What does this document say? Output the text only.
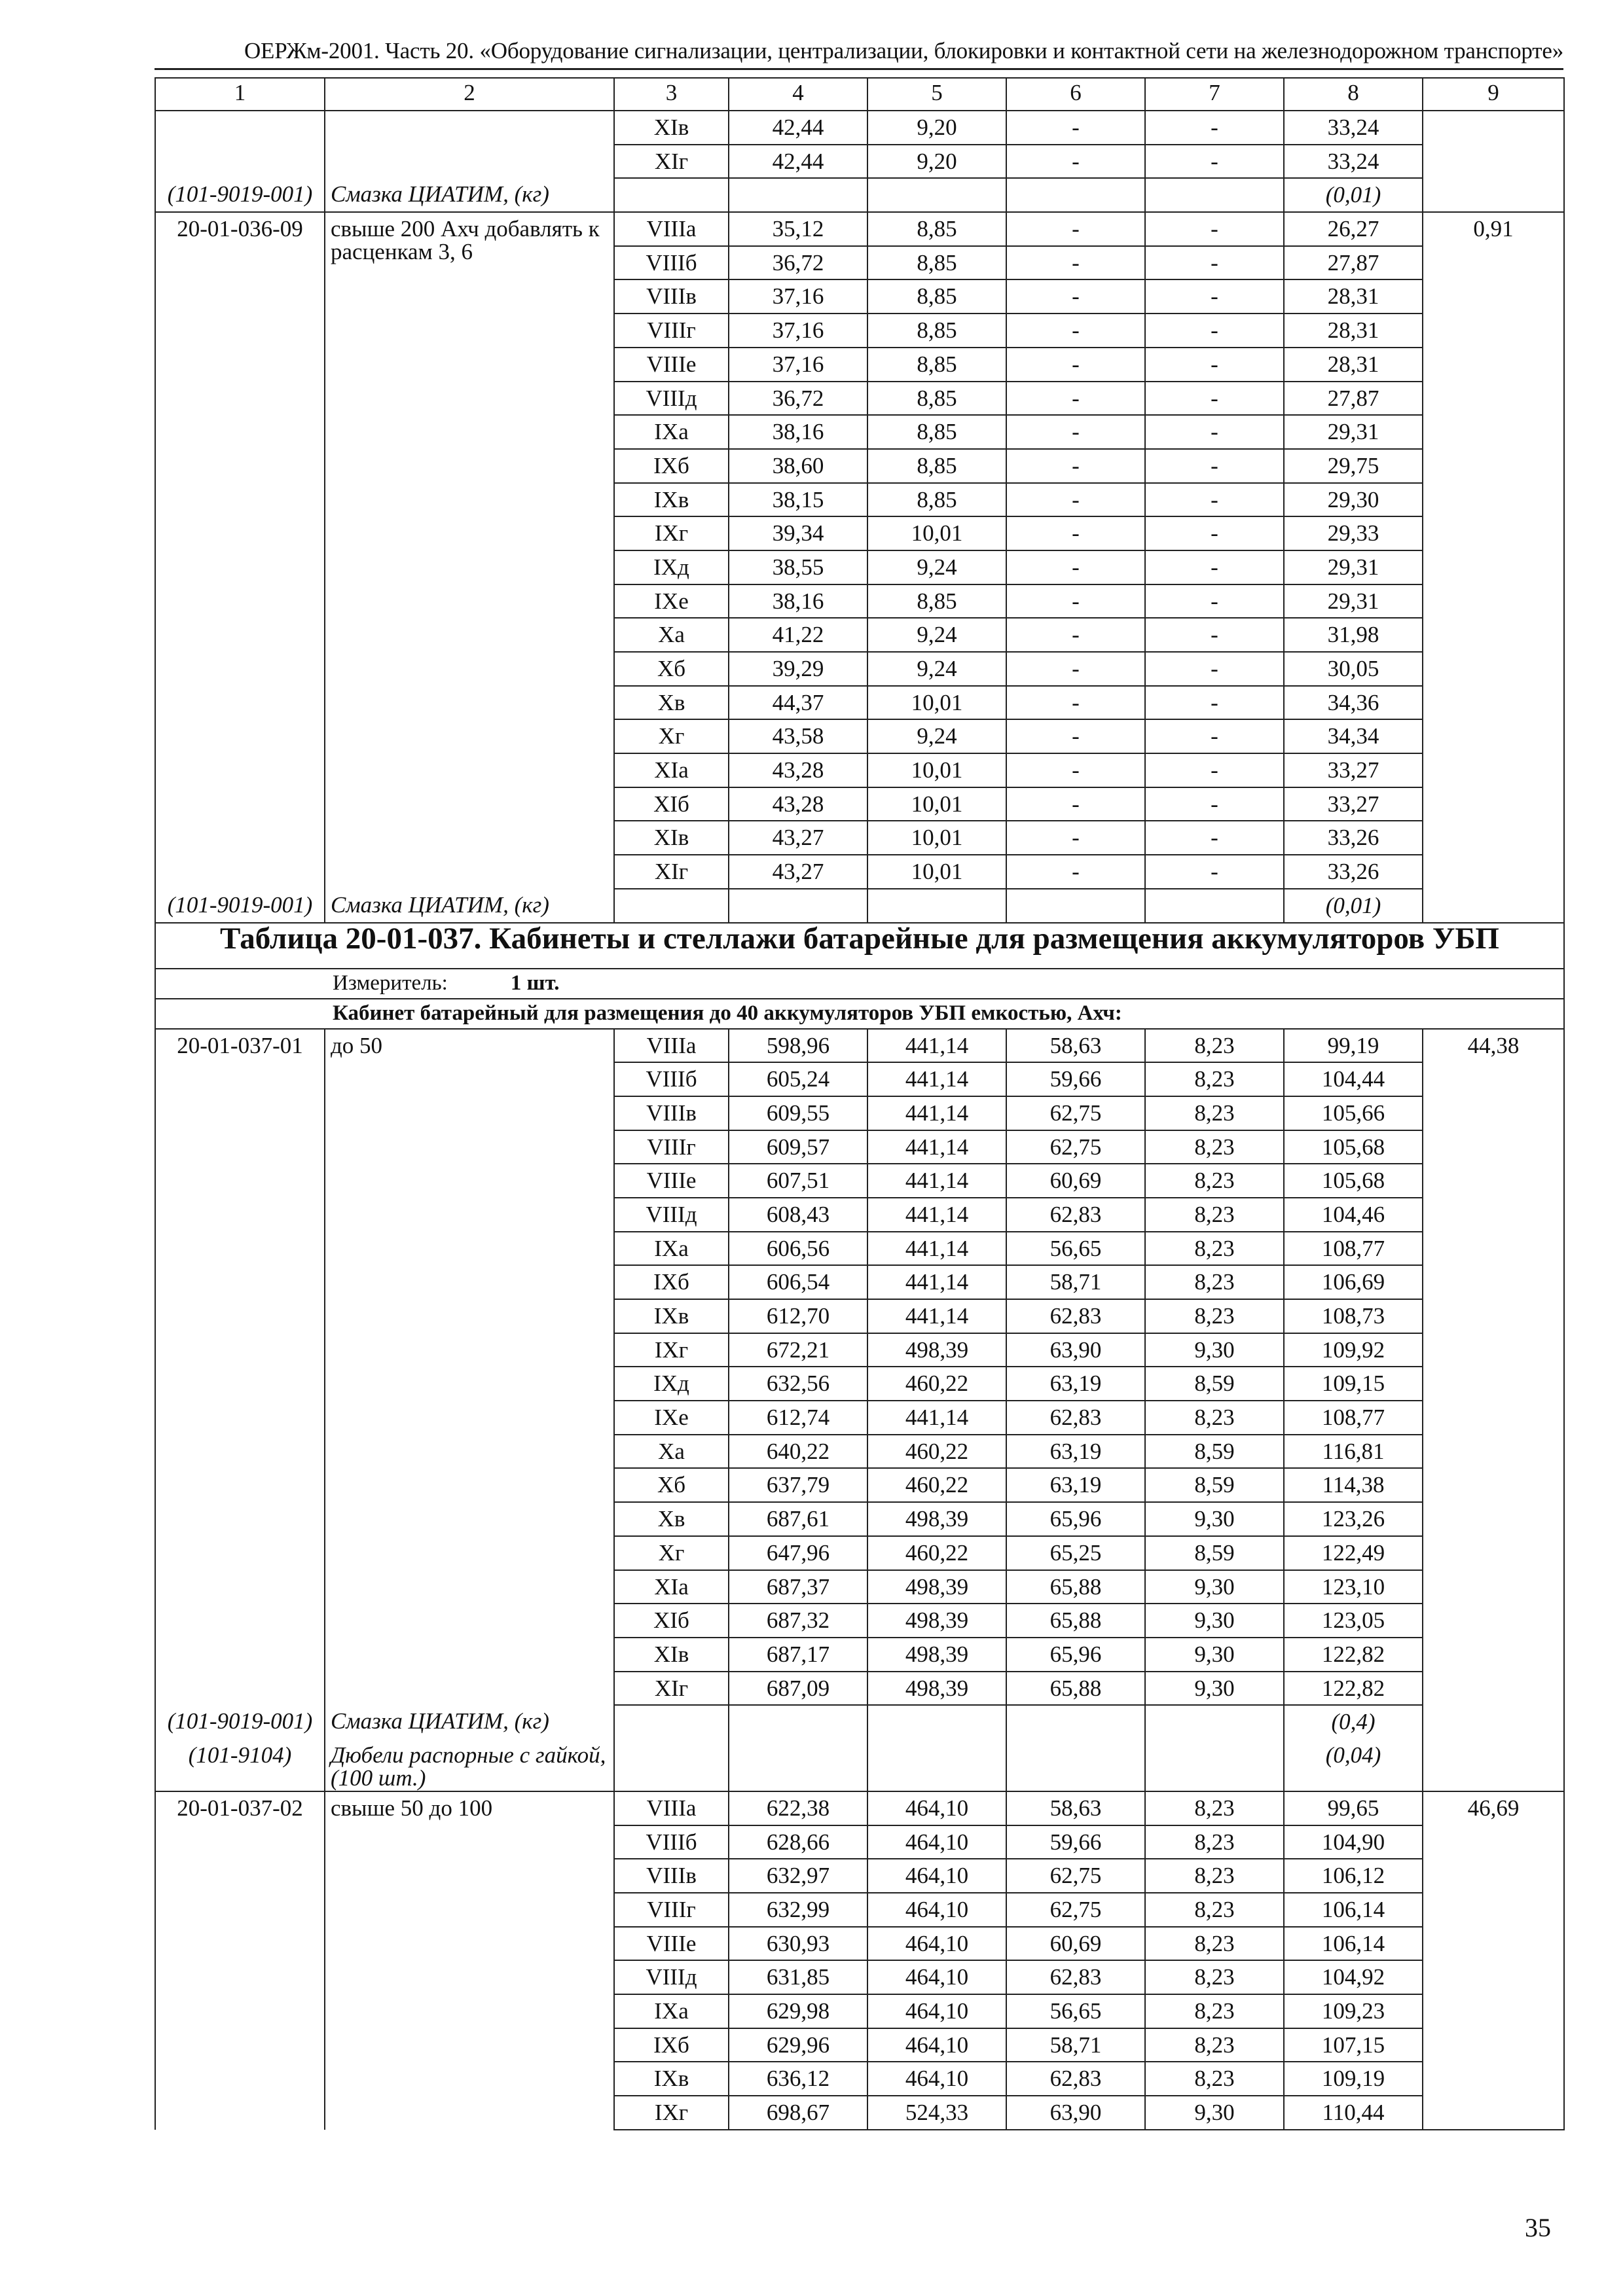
ОЕРЖм-2001. Часть 20. «Оборудование сигнализации, централизации, блокировки и контактной сети на железнодорожном транспорте»
1	2	3	4	5	6	7	8	9
		XIв	42,44	9,20	-	-	33,24	
		XIг	42,44	9,20	-	-	33,24	
(101-9019-001)	Смазка ЦИАТИМ, (кг)						(0,01)	
20-01-036-09	свыше 200 Ахч добавлять к расценкам 3, 6	VIIIа	35,12	8,85	-	-	26,27	0,91
		VIIIб	36,72	8,85	-	-	27,87	
		VIIIв	37,16	8,85	-	-	28,31	
		VIIIг	37,16	8,85	-	-	28,31	
		VIIIе	37,16	8,85	-	-	28,31	
		VIIIд	36,72	8,85	-	-	27,87	
		IXа	38,16	8,85	-	-	29,31	
		IXб	38,60	8,85	-	-	29,75	
		IXв	38,15	8,85	-	-	29,30	
		IXг	39,34	10,01	-	-	29,33	
		IXд	38,55	9,24	-	-	29,31	
		IXе	38,16	8,85	-	-	29,31	
		Xа	41,22	9,24	-	-	31,98	
		Xб	39,29	9,24	-	-	30,05	
		Xв	44,37	10,01	-	-	34,36	
		Xг	43,58	9,24	-	-	34,34	
		XIа	43,28	10,01	-	-	33,27	
		XIб	43,28	10,01	-	-	33,27	
		XIв	43,27	10,01	-	-	33,26	
		XIг	43,27	10,01	-	-	33,26	
(101-9019-001)	Смазка ЦИАТИМ, (кг)						(0,01)	
Таблица 20-01-037. Кабинеты и стеллажи батарейные для размещения аккумуляторов УБП								
Измеритель: 1 шт.								
Кабинет батарейный для размещения до 40 аккумуляторов УБП емкостью, Ахч:								
20-01-037-01	до 50	VIIIа	598,96	441,14	58,63	8,23	99,19	44,38
		VIIIб	605,24	441,14	59,66	8,23	104,44	
		VIIIв	609,55	441,14	62,75	8,23	105,66	
		VIIIг	609,57	441,14	62,75	8,23	105,68	
		VIIIе	607,51	441,14	60,69	8,23	105,68	
		VIIIд	608,43	441,14	62,83	8,23	104,46	
		IXа	606,56	441,14	56,65	8,23	108,77	
		IXб	606,54	441,14	58,71	8,23	106,69	
		IXв	612,70	441,14	62,83	8,23	108,73	
		IXг	672,21	498,39	63,90	9,30	109,92	
		IXд	632,56	460,22	63,19	8,59	109,15	
		IXе	612,74	441,14	62,83	8,23	108,77	
		Xа	640,22	460,22	63,19	8,59	116,81	
		Xб	637,79	460,22	63,19	8,59	114,38	
		Xв	687,61	498,39	65,96	9,30	123,26	
		Xг	647,96	460,22	65,25	8,59	122,49	
		XIа	687,37	498,39	65,88	9,30	123,10	
		XIб	687,32	498,39	65,88	9,30	123,05	
		XIв	687,17	498,39	65,96	9,30	122,82	
		XIг	687,09	498,39	65,88	9,30	122,82	
(101-9019-001)	Смазка ЦИАТИМ, (кг)						(0,4)	
(101-9104)	Дюбели распорные с гайкой, (100 шт.)						(0,04)	
20-01-037-02	свыше 50 до 100	VIIIа	622,38	464,10	58,63	8,23	99,65	46,69
		VIIIб	628,66	464,10	59,66	8,23	104,90	
		VIIIв	632,97	464,10	62,75	8,23	106,12	
		VIIIг	632,99	464,10	62,75	8,23	106,14	
		VIIIе	630,93	464,10	60,69	8,23	106,14	
		VIIIд	631,85	464,10	62,83	8,23	104,92	
		IXа	629,98	464,10	56,65	8,23	109,23	
		IXб	629,96	464,10	58,71	8,23	107,15	
		IXв	636,12	464,10	62,83	8,23	109,19	
		IXг	698,67	524,33	63,90	9,30	110,44	
35
